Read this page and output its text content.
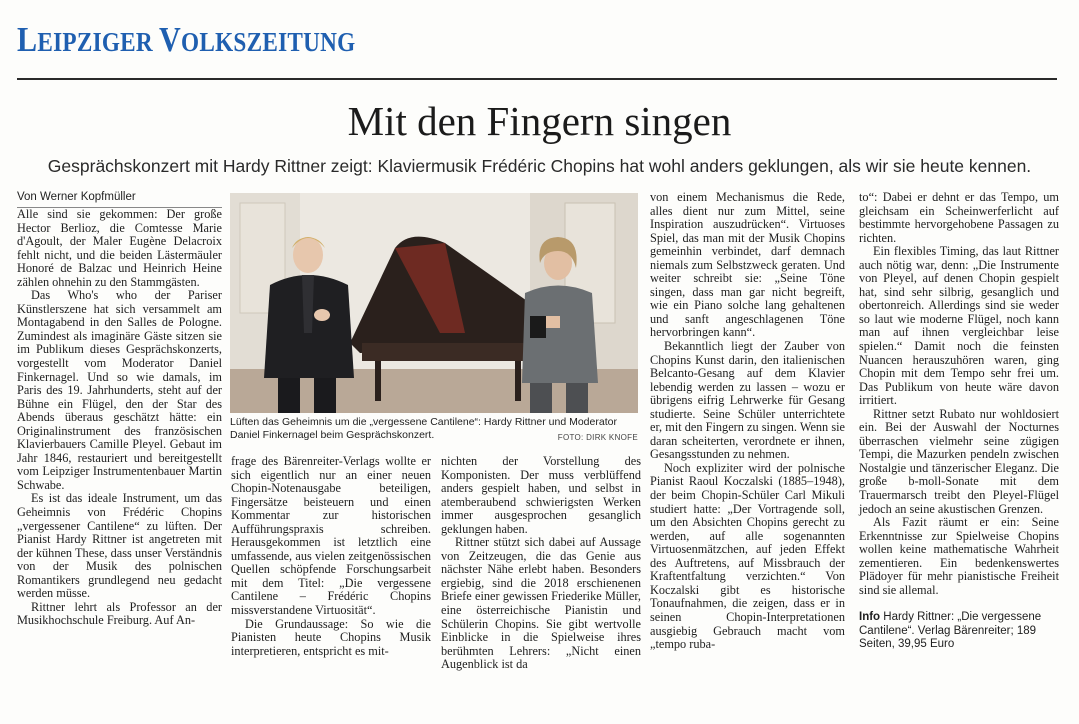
LEIPZIGER VOLKSZEITUNG
Mit den Fingern singen
Gesprächskonzert mit Hardy Rittner zeigt: Klaviermusik Frédéric Chopins hat wohl anders geklungen, als wir sie heute kennen.
Von Werner Kopfmüller

Alle sind sie gekommen: Der große Hector Berlioz, die Comtesse Marie d'Agoult, der Maler Eugène Delacroix fehlt nicht, und die beiden Lästermäuler Honoré de Balzac und Heinrich Heine zählen ohnehin zu den Stammgästen.

Das Who's who der Pariser Künstlerszene hat sich versammelt am Montagabend in den Salles de Pologne. Zumindest als imaginäre Gäste sitzen sie im Publikum dieses Gesprächskonzerts, vorgestellt vom Moderator Daniel Finkernagel. Und so wie damals, im Paris des 19. Jahrhunderts, steht auf der Bühne ein Flügel, den der Star des Abends überaus geschätzt hätte: ein Originalinstrument des französischen Klavierbauers Camille Pleyel. Gebaut im Jahr 1846, restauriert und bereitgestellt vom Leipziger Instrumentenbauer Martin Schwabe.

Es ist das ideale Instrument, um das Geheimnis von Frédéric Chopins „vergessener Cantilene“ zu lüften. Der Pianist Hardy Rittner ist angetreten mit der kühnen These, dass unser Verständnis von der Musik des polnischen Romantikers grundlegend neu gedacht werden müsse.

Rittner lehrt als Professor an der Musikhochschule Freiburg. Auf An-

Lüften das Geheimnis um die „vergessene Cantilene“: Hardy Rittner und Moderator Daniel Finkernagel beim Gesprächskonzert.	FOTO: DIRK KNOFE

frage des Bärenreiter-Verlags wollte er sich eigentlich nur an einer neuen Chopin-Notenausgabe beteiligen, Fingersätze beisteuern und einen Kommentar zur historischen Aufführungspraxis schreiben. Herausgekommen ist letztlich eine umfassende, aus vielen zeitgenössischen Quellen schöpfende Forschungsarbeit mit dem Titel: „Die vergessene Cantilene – Frédéric Chopins missverstandene Virtuosität“.

Die Grundaussage: So wie die Pianisten heute Chopins Musik interpretieren, entspricht es mit-

nichten der Vorstellung des Komponisten. Der muss verblüffend anders gespielt haben, und selbst in atemberaubend schwierigsten Werken immer ausgesprochen gesanglich geklungen haben.

Rittner stützt sich dabei auf Aussage von Zeitzeugen, die das Genie aus nächster Nähe erlebt haben. Besonders ergiebig, sind die 2018 erschienenen Briefe einer gewissen Friederike Müller, eine österreichische Pianistin und Schülerin Chopins. Sie gibt wertvolle Einblicke in die Spielweise ihres berühmten Lehrers: „Nicht einen Augenblick ist da

von einem Mechanismus die Rede, alles dient nur zum Mittel, seine Inspiration auszudrücken“. Virtuoses Spiel, das man mit der Musik Chopins gemeinhin verbindet, darf demnach niemals zum Selbstzweck geraten. Und weiter schreibt sie: „Seine Töne singen, dass man gar nicht begreift, wie ein Piano solche lang gehaltenen und sanft angeschlagenen Töne hervorbringen kann“.

Bekanntlich liegt der Zauber von Chopins Kunst darin, den italienischen Belcanto-Gesang auf dem Klavier lebendig werden zu lassen – wozu er übrigens eifrig Lehrwerke für Gesang studierte. Seine Schüler unterrichtete er, mit den Fingern zu singen. Wenn sie daran scheiterten, verordnete er ihnen, Gesangsstunden zu nehmen.

Noch expliziter wird der polnische Pianist Raoul Koczalski (1885–1948), der beim Chopin-Schüler Carl Mikuli studiert hatte: „Der Vortragende soll, um den Absichten Chopins gerecht zu werden, auf alle sogenannten Virtuosenmätzchen, auf jeden Effekt des Auftretens, auf Missbrauch der Kraftentfaltung verzichten.“ Von Koczalski gibt es historische Tonaufnahmen, die zeigen, dass er in seinen Chopin-Interpretationen ausgiebig Gebrauch macht vom „tempo ruba-

to“: Dabei er dehnt er das Tempo, um gleichsam ein Scheinwerferlicht auf bestimmte hervorgehobene Passagen zu richten.

Ein flexibles Timing, das laut Rittner auch nötig war, denn: „Die Instrumente von Pleyel, auf denen Chopin gespielt hat, sind sehr silbrig, gesanglich und obertonreich. Allerdings sind sie weder so laut wie moderne Flügel, noch kann man auf ihnen vergleichbar leise spielen.“ Damit noch die feinsten Nuancen herauszuhören waren, ging Chopin mit dem Tempo sehr frei um. Das Publikum von heute wäre davon irritiert.

Rittner setzt Rubato nur wohldosiert ein. Bei der Auswahl der Nocturnes überraschen vielmehr seine zügigen Tempi, die Mazurken pendeln zwischen Nostalgie und tänzerischer Eleganz. Die große b-moll-Sonate mit dem Trauermarsch treibt den Pleyel-Flügel jedoch an seine akustischen Grenzen.

Als Fazit räumt er ein: Seine Erkenntnisse zur Spielweise Chopins wollen keine mathematische Wahrheit zementieren. Ein bedenkenswertes Plädoyer für mehr pianistische Freiheit sind sie allemal.

Info Hardy Rittner: „Die vergessene Cantilene“. Verlag Bärenreiter; 189 Seiten, 39,95 Euro
